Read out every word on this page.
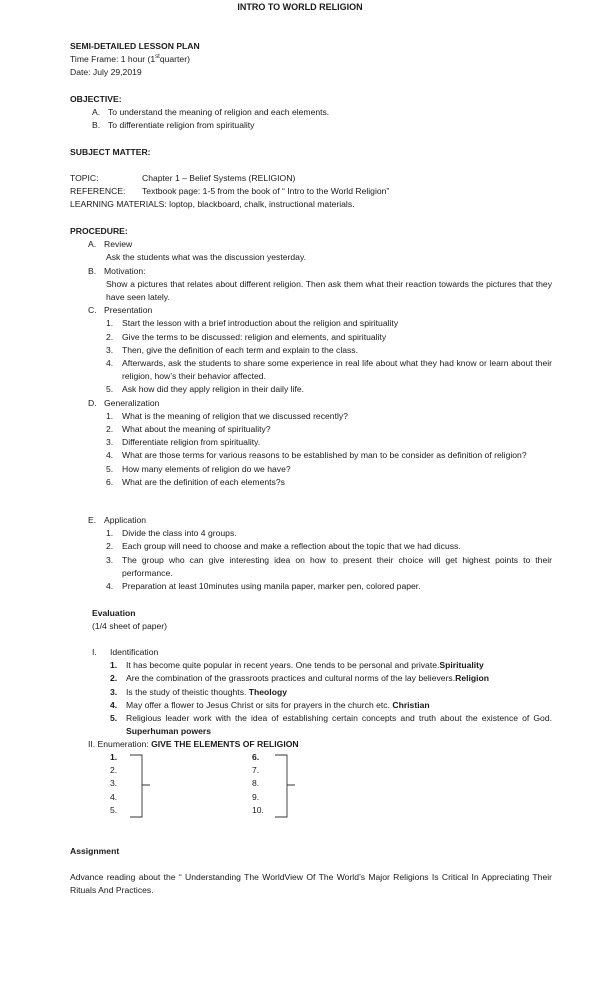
INTRO TO WORLD RELIGION
SEMI-DETAILED LESSON PLAN
Time Frame: 1 hour (1stquarter)
Date: July 29,2019
OBJECTIVE:
A. To understand the meaning of religion and each elements.
B. To differentiate religion from spirituality
SUBJECT MATTER:
TOPIC:	Chapter 1 – Belief Systems (RELIGION)
REFERENCE: Textbook page: 1-5 from the book of “ Intro to the World Religion”
LEARNING MATERIALS: loptop, blackboard, chalk, instructional materials.
PROCEDURE:
A. Review
Ask the students what was the discussion yesterday.
B. Motivation:
Show a pictures that relates about different religion. Then ask them what their reaction towards the pictures that they have seen lately.
C. Presentation
1.	Start the lesson with a brief introduction about the religion and spirituality
2.	Give the terms to be discussed: religion and elements, and spirituality
3.	Then, give the definition of each term and explain to the class.
4.	Afterwards, ask the students to share some experience in real life about what they had know or learn about their religion, how’s their behavior affected.
5.	Ask how did they apply religion in their daily life.
D. Generalization
1.	What is the meaning of religion that we discussed recently?
2.	What about the meaning of spirituality?
3.	Differentiate religion from spirituality.
4.	What are those terms for various reasons to be established by man to be consider as definition of religion?
5.	How many elements of religion do we have?
6.	What are the definition of each elements?s
E. Application
1.	Divide the class into 4 groups.
2.	Each group will need to choose and make a reflection about the topic that we had dicuss.
3.	The group who can give interesting idea on how to present their choice will get highest points to their performance.
4.	Preparation at least 10minutes using manila paper, marker pen, colored paper.
Evaluation
(1/4 sheet of paper)
I. Identification
1.	It has become quite popular in recent years. One tends to be personal and private.Spirituality
2.	Are the combination of the grassroots practices and cultural norms of the lay believers.Religion
3.	Is the study of theistic thoughts. Theology
4.	May offer a flower to Jesus Christ or sits for prayers in the church etc. Christian
5.	Religious leader work with the idea of establishing certain concepts and truth about the existence of God. Superhuman powers
II. Enumeration: GIVE THE ELEMENTS OF RELIGION
1.
2.
3.
4.
5.
6.
7.
8.
9.
10.
Assignment
Advance reading about the “ Understanding The WorldView Of The World’s Major Religions Is Critical In Appreciating Their Rituals And Practices.
